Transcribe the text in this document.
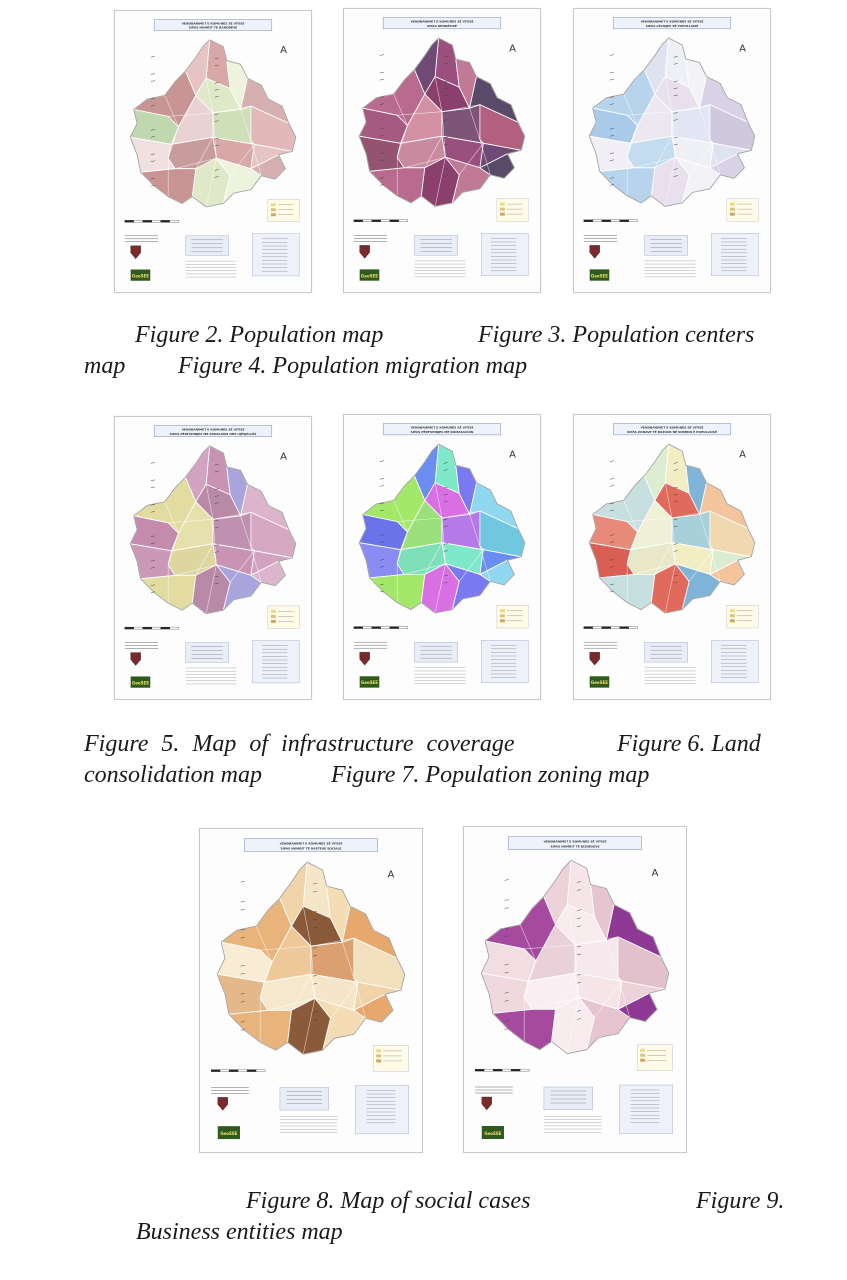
VENDBANIMET E KOMUNËS SË VITISË
SIPAS NUMRIT TË BANORËVE
A
GeoSEE
VENDBANIMET E KOMUNËS SË VITISË
SIPAS DENDËSISË
A
GeoSEE
VENDBANIMET E KOMUNËS SË VITISË
SIPAS LËVIZJES SË POPULLSISË
A
GeoSEE
Figure 2. Population map	Figure 3. Population centers
map Figure 4. Population migration map
VENDBANIMET E KOMUNËS SË VITISË
SIPAS PËRFSHIRJES ME KANALIZIM DHE UJËSJELLËS
A
GeoSEE
VENDBANIMET E KOMUNËS SË VITISË
SIPAS PËRFSHIRJES ME KOMASACION
A
GeoSEE
VENDBANIMET E KOMUNËS SË VITISË
SIPAS ZONAVE TË BAZUAR NË NUMRIN E POPULLSISË
A
GeoSEE
Figure 5. Map of infrastructure coverage	Figure 6. Land
consolidation map	Figure 7. Population zoning map
VENDBANIMET E KOMUNËS SË VITISË
SIPAS NUMRIT TË RASTEVE SOCIALE
A
GeoSEE
VENDBANIMET E KOMUNËS SË VITISË
SIPAS NUMRIT TË BIZNESEVE
A
GeoSEE
Figure 8. Map of social cases	Figure 9.
Business entities map
